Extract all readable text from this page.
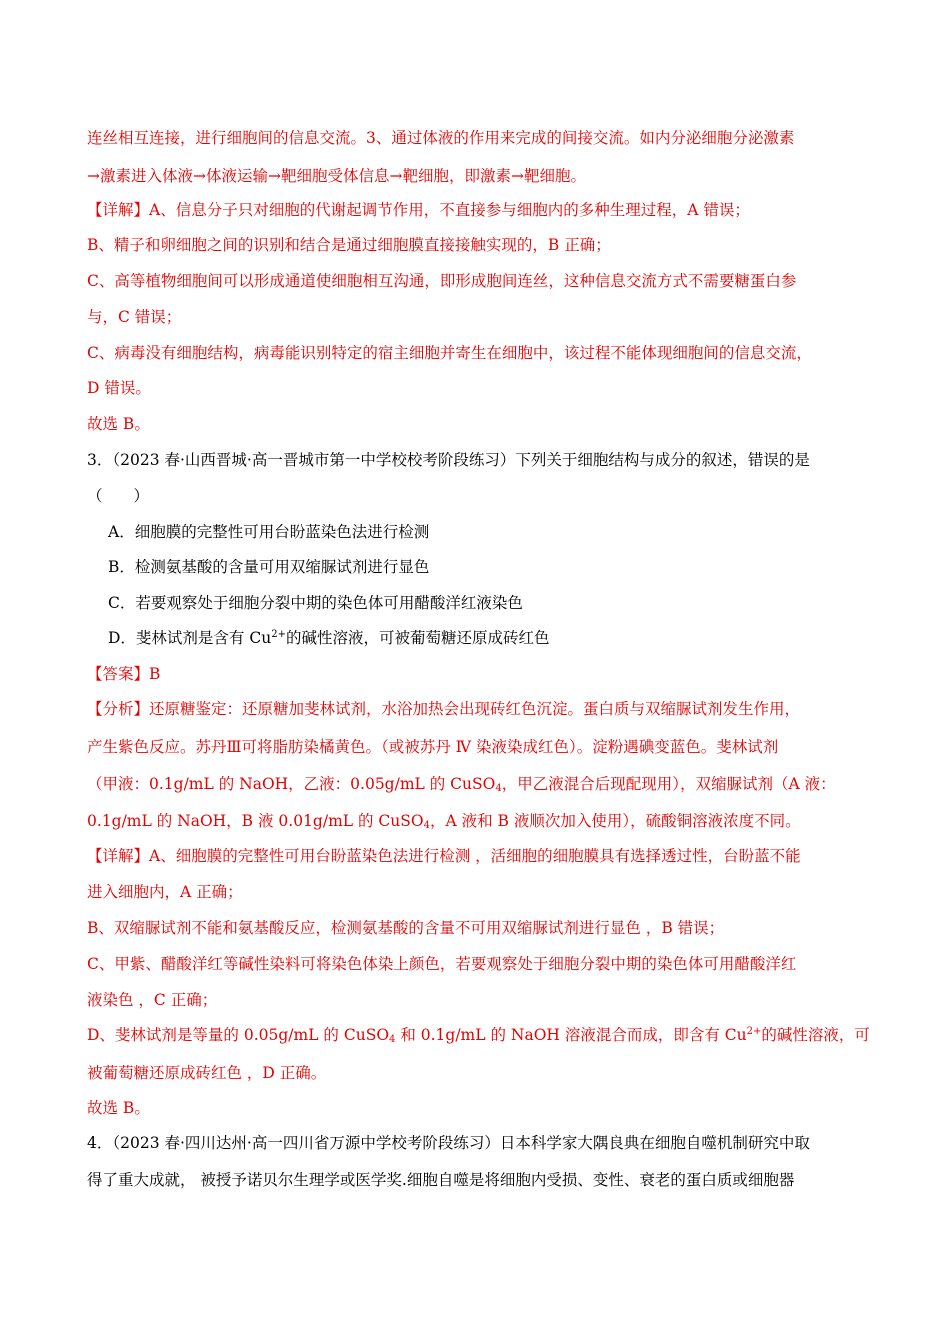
连丝相互连接，进行细胞间的信息交流。3、通过体液的作用来完成的间接交流。如内分泌细胞分泌激素
→激素进入体液→体液运输→靶细胞受体信息→靶细胞，即激素→靶细胞。
【详解】A、信息分子只对细胞的代谢起调节作用，不直接参与细胞内的多种生理过程，A 错误；
B、精子和卵细胞之间的识别和结合是通过细胞膜直接接触实现的，B 正确；
C、高等植物细胞间可以形成通道使细胞相互沟通，即形成胞间连丝，这种信息交流方式不需要糖蛋白参
与，C 错误；
C、病毒没有细胞结构，病毒能识别特定的宿主细胞并寄生在细胞中，该过程不能体现细胞间的信息交流，
D 错误。
故选 B。
3．（2023 春·山西晋城·高一晋城市第一中学校校考阶段练习）下列关于细胞结构与成分的叙述，错误的是
（　　）
A．细胞膜的完整性可用台盼蓝染色法进行检测
B．检测氨基酸的含量可用双缩脲试剂进行显色
C．若要观察处于细胞分裂中期的染色体可用醋酸洋红液染色
D．斐林试剂是含有 $Cu^{2+}$的碱性溶液，可被葡萄糖还原成砖红色
【答案】B
【分析】还原糖鉴定：还原糖加斐林试剂，水浴加热会出现砖红色沉淀。蛋白质与双缩脲试剂发生作用，
产生紫色反应。苏丹Ⅲ可将脂肪染橘黄色。（或被苏丹 Ⅳ 染液染成红色）。淀粉遇碘变蓝色。斐林试剂
（甲液：0.1g/mL 的 NaOH，乙液：0.05g/mL 的 CuSO$_4$，甲乙液混合后现配现用），双缩脲试剂（A 液：
0.1g/mL 的 NaOH，B 液 0.01g/mL 的 CuSO$_4$，A 液和 B 液顺次加入使用），硫酸铜溶液浓度不同。
【详解】A、细胞膜的完整性可用台盼蓝染色法进行检测 ，活细胞的细胞膜具有选择透过性，台盼蓝不能
进入细胞内，A 正确；
B、双缩脲试剂不能和氨基酸反应，检测氨基酸的含量不可用双缩脲试剂进行显色 ，B 错误；
C、甲紫、醋酸洋红等碱性染料可将染色体染上颜色，若要观察处于细胞分裂中期的染色体可用醋酸洋红
液染色 ，C 正确；
D、斐林试剂是等量的 0.05g/mL 的 CuSO$_4$ 和 0.1g/mL 的 NaOH 溶液混合而成，即含有 $Cu^{2+}$的碱性溶液，可
被葡萄糖还原成砖红色 ，D 正确。
故选 B。
4．（2023 春·四川达州·高一四川省万源中学校考阶段练习）日本科学家大隅良典在细胞自噬机制研究中取
得了重大成就， 被授予诺贝尔生理学或医学奖.细胞自噬是将细胞内受损、变性、衰老的蛋白质或细胞器
